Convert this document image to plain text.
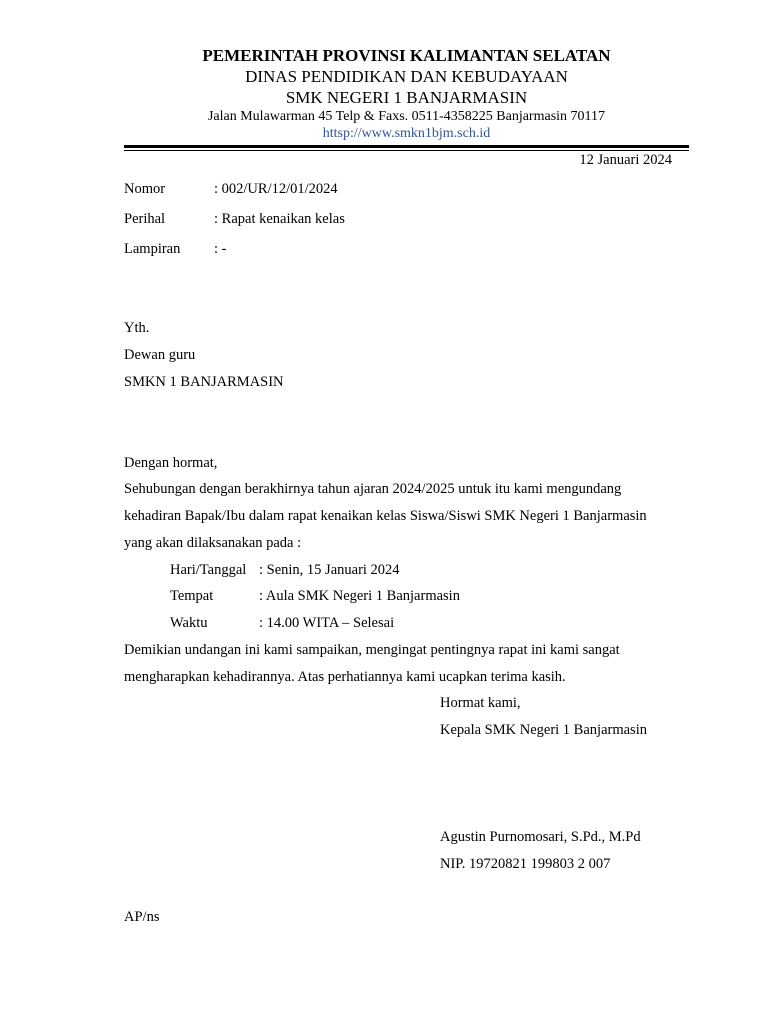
PEMERINTAH PROVINSI KALIMANTAN SELATAN
DINAS PENDIDIKAN DAN KEBUDAYAAN
SMK NEGERI 1 BANJARMASIN
Jalan Mulawarman 45 Telp & Faxs. 0511-4358225 Banjarmasin 70117
httsp://www.smkn1bjm.sch.id
12 Januari 2024
Nomor	: 002/UR/12/01/2024
Perihal	: Rapat kenaikan kelas
Lampiran : -
Yth.
Dewan guru
SMKN 1 BANJARMASIN
Dengan hormat,
Sehubungan dengan berakhirnya tahun ajaran 2024/2025 untuk itu kami mengundang
kehadiran Bapak/Ibu dalam rapat kenaikan kelas Siswa/Siswi SMK Negeri 1 Banjarmasin
yang akan dilaksanakan pada :
Hari/Tanggal : Senin, 15 Januari 2024
Tempat	: Aula SMK Negeri 1 Banjarmasin
Waktu	: 14.00 WITA – Selesai
Demikian undangan ini kami sampaikan, mengingat pentingnya rapat ini kami sangat
mengharapkan kehadirannya. Atas perhatiannya kami ucapkan terima kasih.
Hormat kami,
Kepala SMK Negeri 1 Banjarmasin
Agustin Purnomosari, S.Pd., M.Pd
NIP. 19720821 199803 2 007
AP/ns
